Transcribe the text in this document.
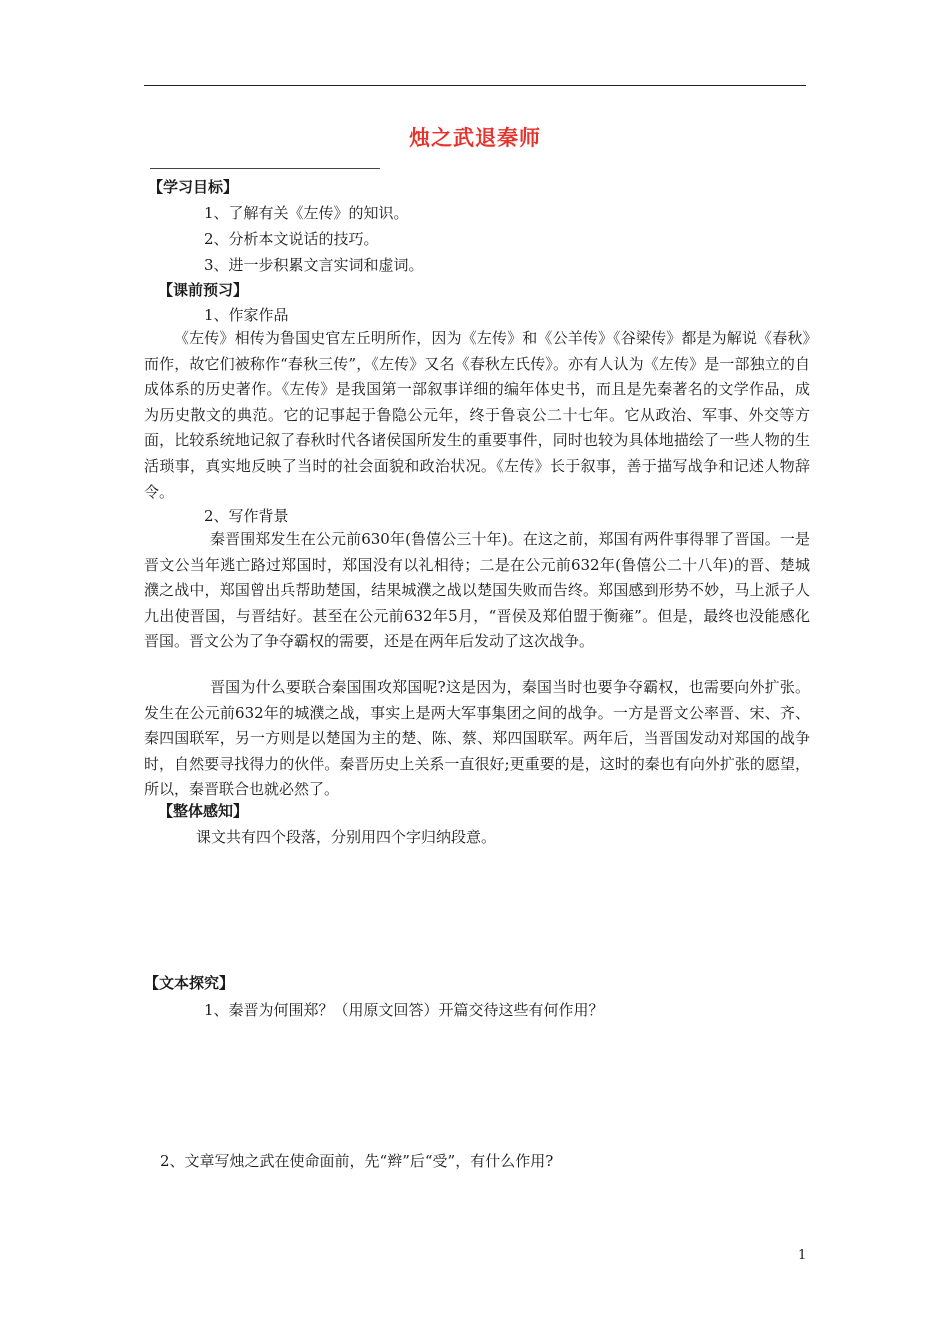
烛之武退秦师
【学习目标】
1、了解有关《左传》的知识。
2、分析本文说话的技巧。
3、进一步积累文言实词和虚词。
【课前预习】
1、作家作品

《左传》相传为鲁国史官左丘明所作，因为《左传》和《公羊传》《谷梁传》都是为解说《春秋》而作，故它们被称作“春秋三传”，《左传》又名《春秋左氏传》。亦有人认为《左传》是一部独立的自成体系的历史著作。《左传》是我国第一部叙事详细的编年体史书，而且是先秦著名的文学作品，成为历史散文的典范。它的记事起于鲁隐公元年，终于鲁哀公二十七年。它从政治、军事、外交等方面，比较系统地记叙了春秋时代各诸侯国所发生的重要事件，同时也较为具体地描绘了一些人物的生活琐事，真实地反映了当时的社会面貌和政治状况。《左传》长于叙事，善于描写战争和记述人物辞令。

2、写作背景

秦晋围郑发生在公元前630年(鲁僖公三十年)。在这之前，郑国有两件事得罪了晋国。一是晋文公当年逃亡路过郑国时，郑国没有以礼相待；二是在公元前632年(鲁僖公二十八年)的晋、楚城濮之战中，郑国曾出兵帮助楚国，结果城濮之战以楚国失败而告终。郑国感到形势不妙，马上派子人九出使晋国，与晋结好。甚至在公元前632年5月，“晋侯及郑伯盟于衡雍”。但是，最终也没能感化晋国。晋文公为了争夺霸权的需要，还是在两年后发动了这次战争。

晋国为什么要联合秦国围攻郑国呢?这是因为，秦国当时也要争夺霸权，也需要向外扩张。发生在公元前632年的城濮之战，事实上是两大军事集团之间的战争。一方是晋文公率晋、宋、齐、秦四国联军，另一方则是以楚国为主的楚、陈、蔡、郑四国联军。两年后，当晋国发动对郑国的战争时，自然要寻找得力的伙伴。秦晋历史上关系一直很好;更重要的是，这时的秦也有向外扩张的愿望，所以，秦晋联合也就必然了。

【整体感知】
课文共有四个段落，分别用四个字归纳段意。
【文本探究】
1、秦晋为何围郑？（用原文回答）开篇交待这些有何作用？
2、文章写烛之武在使命面前，先“辫”后“受”，有什么作用?
1
